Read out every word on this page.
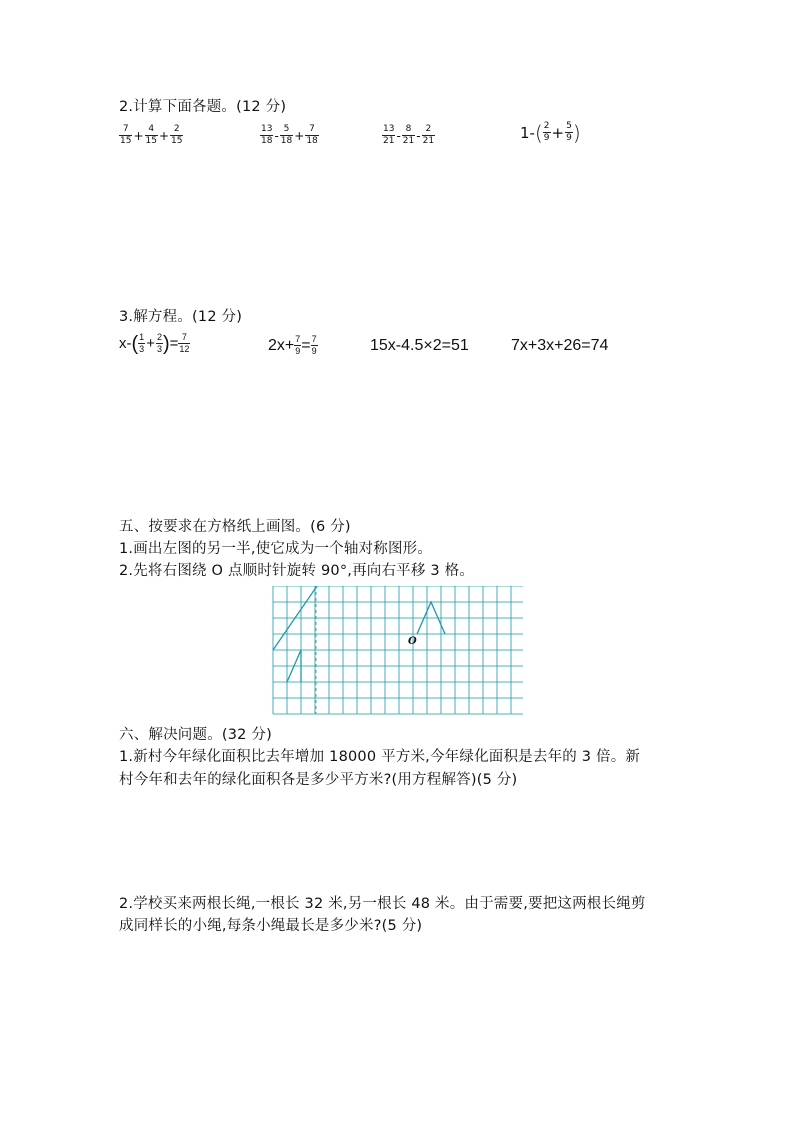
2.计算下面各题。(12 分)
$\frac{7}{15} + \frac{4}{15} + \frac{2}{15}$	$\frac{13}{18} - \frac{5}{18} + \frac{7}{18}$	$\frac{13}{21} - \frac{8}{21} - \frac{2}{21}$	1- ( $\frac{2}{9} + \frac{5}{9}$ )
3.解方程。(12 分)
x- ( $\frac{1}{3} + \frac{2}{3}$ ) = $\frac{7}{12}$	$2x+ \frac{7}{9} = \frac{7}{9}$	15x-4.5×2=51	7x+3x+26=74
五、按要求在方格纸上画图。(6 分)
1.画出左图的另一半,使它成为一个轴对称图形。
2.先将右图绕 O 点顺时针旋转 90°,再向右平移 3 格。
O
六、解决问题。(32 分)
1.新村今年绿化面积比去年增加 18000 平方米,今年绿化面积是去年的 3 倍。新
村今年和去年的绿化面积各是多少平方米?(用方程解答)(5 分)
2.学校买来两根长绳,一根长 32 米,另一根长 48 米。由于需要,要把这两根长绳剪
成同样长的小绳,每条小绳最长是多少米?(5 分)
